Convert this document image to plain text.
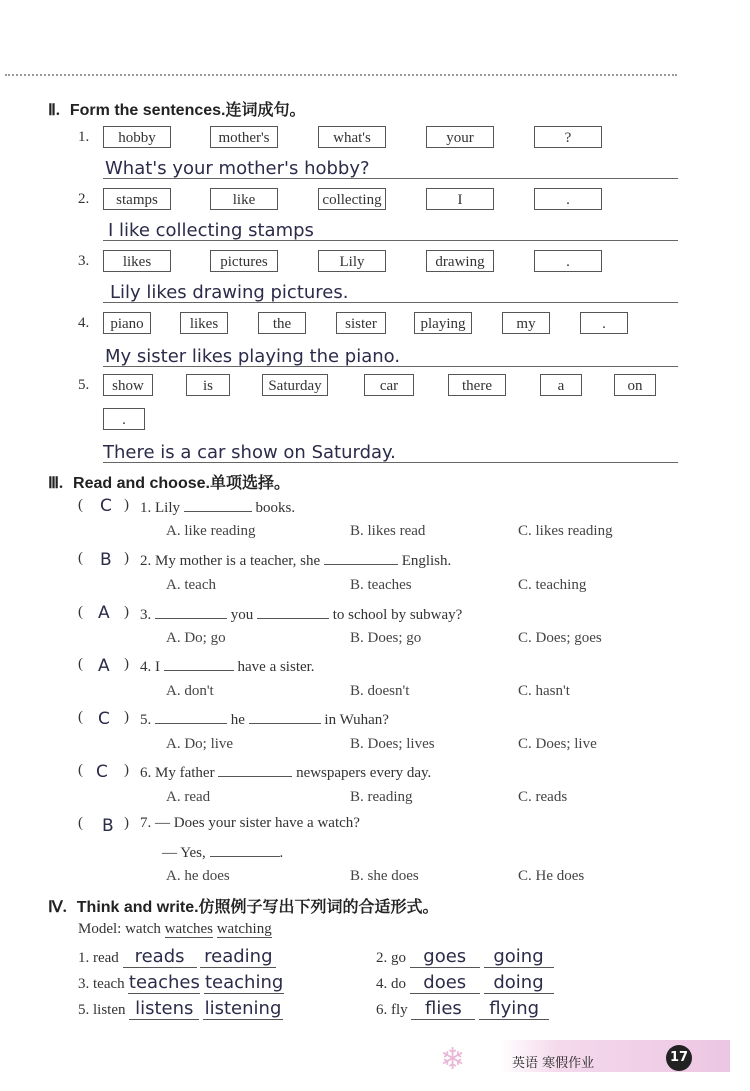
Ⅱ. Form the sentences.连词成句。
1.	hobby	mother's	what's	your	?
What's your mother's hobby?
2.	stamps	like	collecting	I	.
I like collecting stamps
3.	likes	pictures	Lily	drawing	.
Lily likes drawing pictures.
4.	piano	likes	the	sister	playing	my	.
My sister likes playing the piano.
5.	show	is	Saturday	car	there	a	on
.
There is a car show on Saturday.
Ⅲ. Read and choose.单项选择。
( C ) 1. Lily	books.
A. like reading	B. likes read	C. likes reading
( B ) 2. My mother is a teacher, she	English.
A. teach	B. teaches	C. teaching
( A ) 3.	you	to school by subway?
A. Do; go	B. Does; go	C. Does; goes
( A ) 4. I	have a sister.
A. don't	B. doesn't	C. hasn't
( C ) 5.	he	in Wuhan?
A. Do; live	B. Does; lives	C. Does; live
( C ) 6. My father	newspapers every day.
A. read	B. reading	C. reads
( B ) 7. — Does your sister have a watch?
— Yes,	.
A. he does	B. she does	C. He does
Ⅳ. Think and write.仿照例子写出下列词的合适形式。
Model: watch watches watching
1. read reads reading	2. go goes going
3. teach teaches teaching	4. do does doing
5. listen listens listening	6. fly flies flying
❄	英语 寒假作业	17
